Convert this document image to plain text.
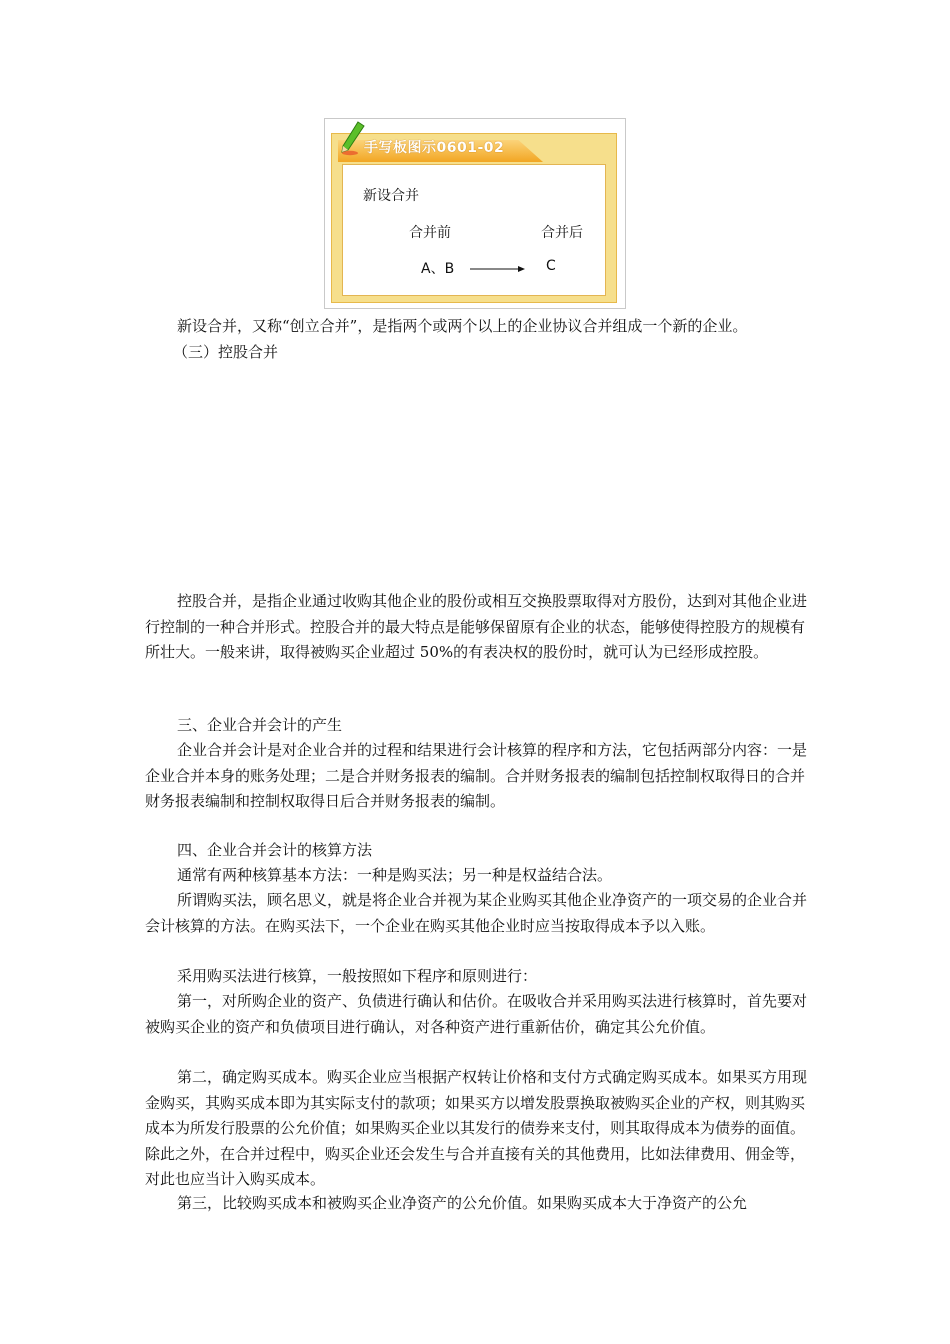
手写板图示0601-02
新设合并
合并前	合并后
A、B	C
新设合并，又称“创立合并”，是指两个或两个以上的企业协议合并组成一个新的企业。
（三）控股合并
控股合并，是指企业通过收购其他企业的股份或相互交换股票取得对方股份，达到对其他企业进行控制的一种合并形式。控股合并的最大特点是能够保留原有企业的状态，能够使得控股方的规模有所壮大。一般来讲，取得被购买企业超过 50%的有表决权的股份时，就可认为已经形成控股。
三、企业合并会计的产生
企业合并会计是对企业合并的过程和结果进行会计核算的程序和方法，它包括两部分内容：一是企业合并本身的账务处理；二是合并财务报表的编制。合并财务报表的编制包括控制权取得日的合并财务报表编制和控制权取得日后合并财务报表的编制。
四、企业合并会计的核算方法
通常有两种核算基本方法：一种是购买法；另一种是权益结合法。
所谓购买法，顾名思义，就是将企业合并视为某企业购买其他企业净资产的一项交易的企业合并会计核算的方法。在购买法下，一个企业在购买其他企业时应当按取得成本予以入账。
采用购买法进行核算，一般按照如下程序和原则进行：
第一，对所购企业的资产、负债进行确认和估价。在吸收合并采用购买法进行核算时，首先要对被购买企业的资产和负债项目进行确认，对各种资产进行重新估价，确定其公允价值。
第二，确定购买成本。购买企业应当根据产权转让价格和支付方式确定购买成本。如果买方用现金购买，其购买成本即为其实际支付的款项；如果买方以增发股票换取被购买企业的产权，则其购买成本为所发行股票的公允价值；如果购买企业以其发行的债券来支付，则其取得成本为债券的面值。除此之外，在合并过程中，购买企业还会发生与合并直接有关的其他费用，比如法律费用、佣金等，对此也应当计入购买成本。
第三，比较购买成本和被购买企业净资产的公允价值。如果购买成本大于净资产的公允
